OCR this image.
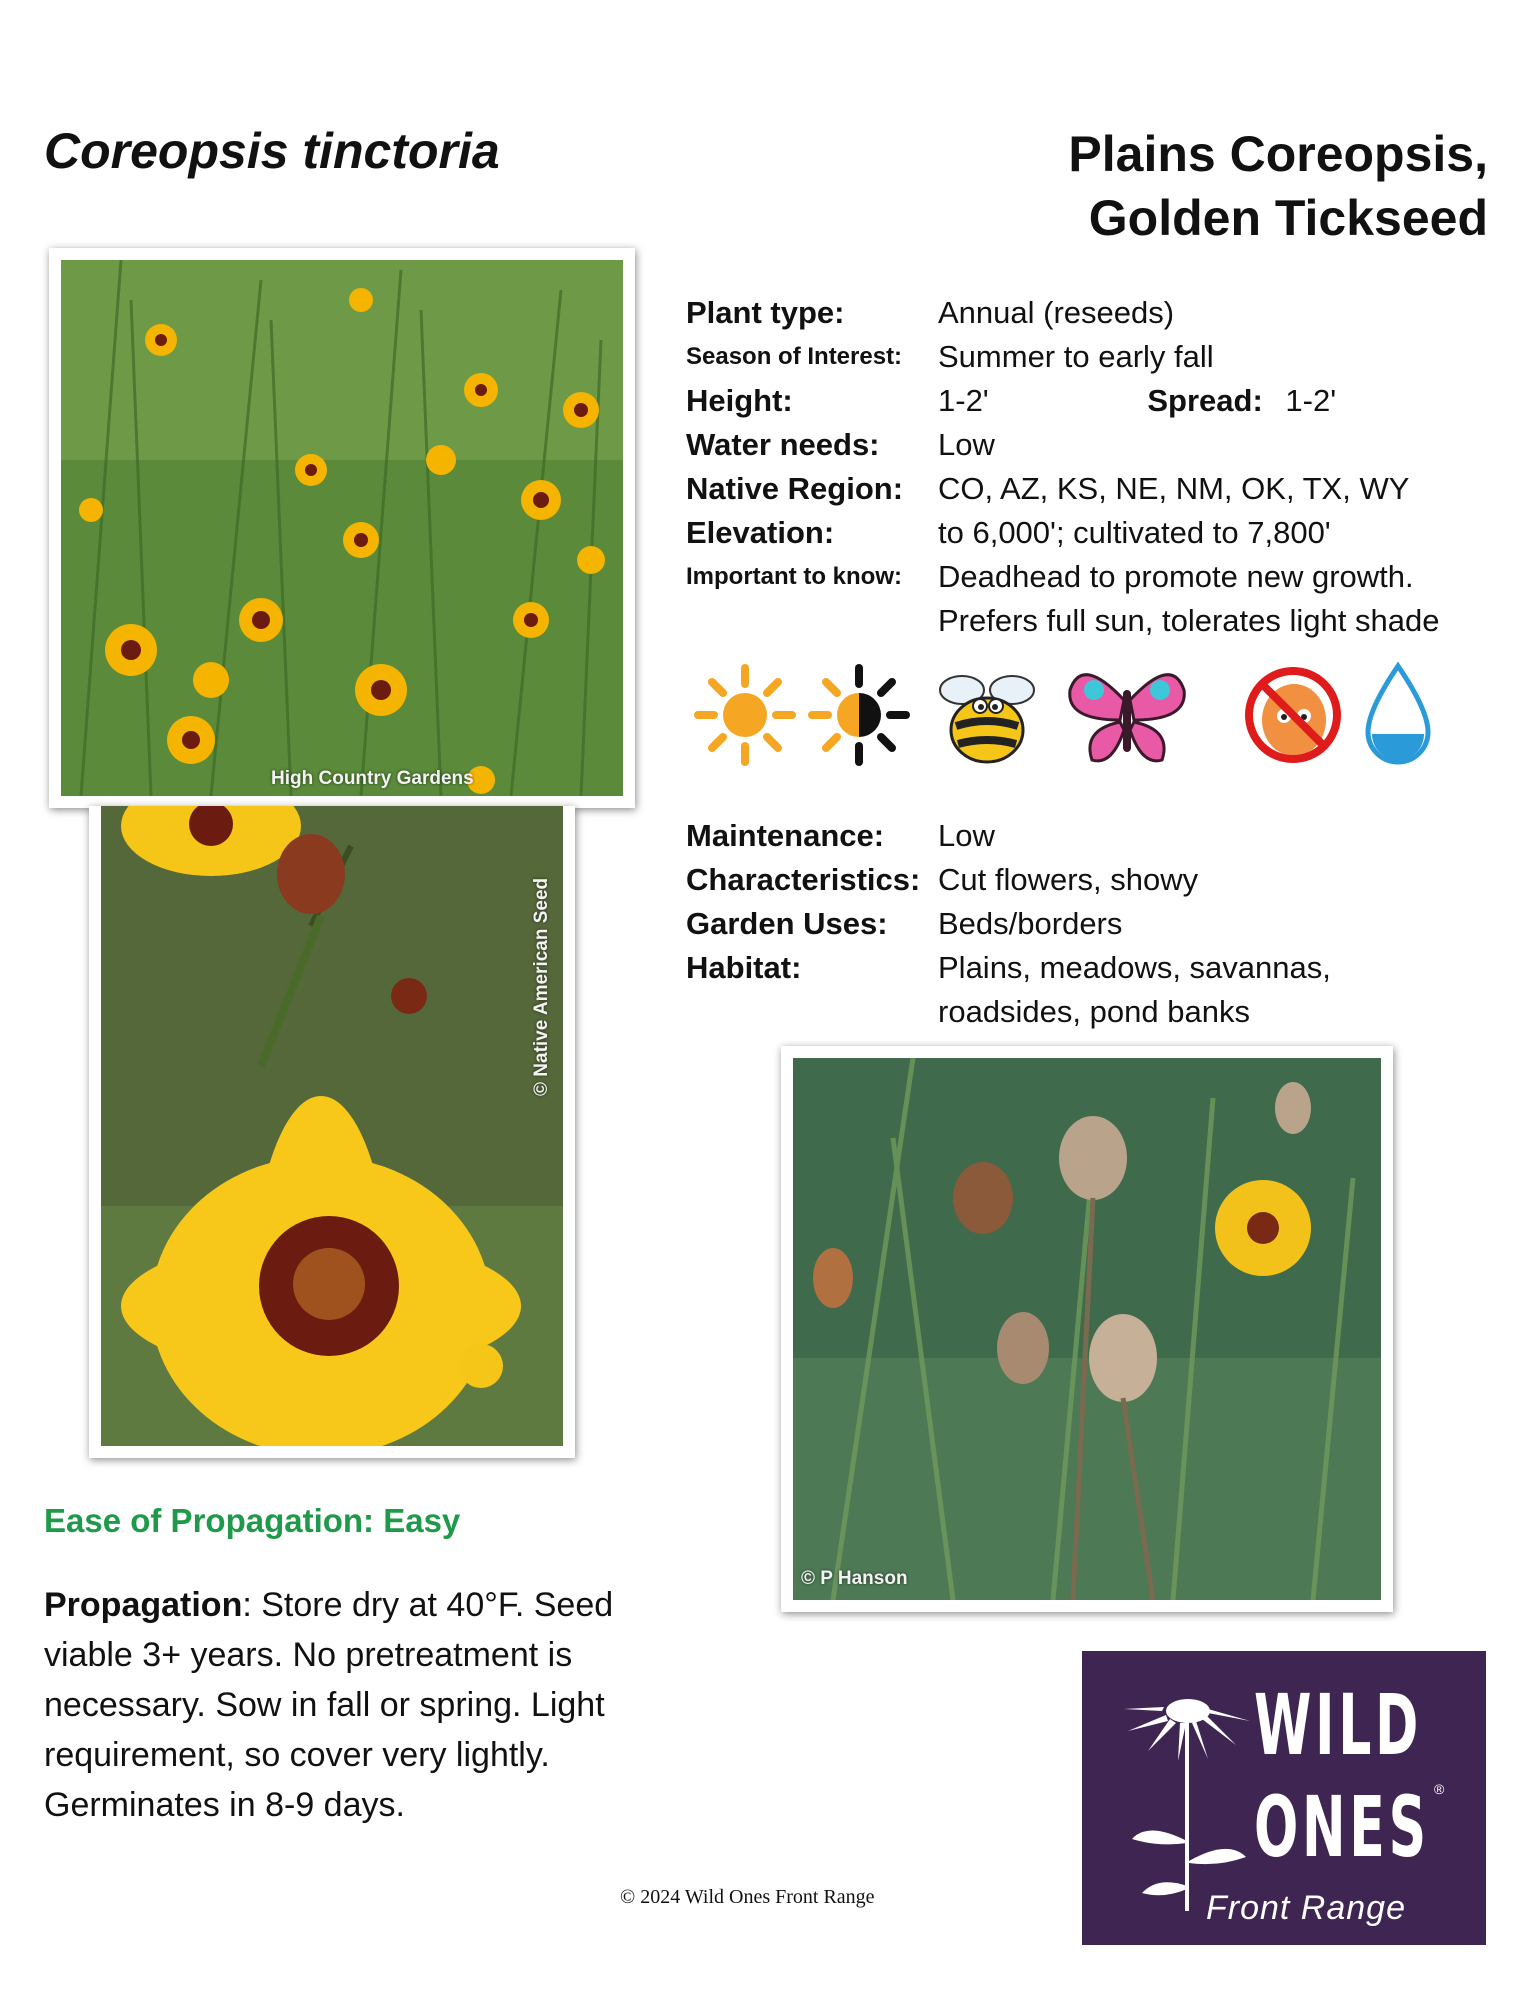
Coreopsis tinctoria	Plains Coreopsis,
Golden Tickseed
High Country Gardens
© Native American Seed
Plant type:	Annual (reseeds)
Season of Interest:	Summer to early fall
Height:	1-2'	Spread: 1-2'
Water needs:	Low
Native Region:	CO, AZ, KS, NE, NM, OK, TX, WY
Elevation:	to 6,000'; cultivated to 7,800'
Important to know:	Deadhead to promote new growth.
Prefers full sun, tolerates light shade
Maintenance:	Low
Characteristics: Cut flowers, showy
Garden Uses:	Beds/borders
Habitat:	Plains, meadows, savannas,
roadsides, pond banks
© P Hanson
Ease of Propagation: Easy
Propagation: Store dry at 40°F. Seed viable 3+ years. No pretreatment is necessary. Sow in fall or spring. Light requirement, so cover very lightly. Germinates in 8-9 days.
© 2024 Wild Ones Front Range
WILD
ONES ®
Front Range
